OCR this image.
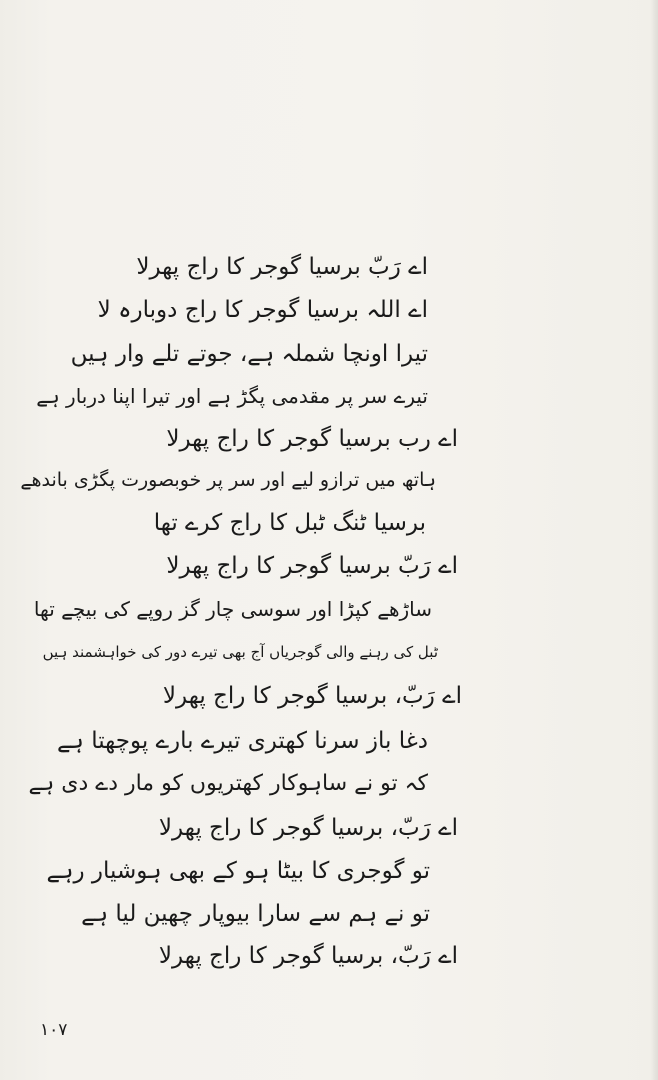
اے رَبّ برسیا گوجر کا راج پھرلا
اے اللہ برسیا گوجر کا راج دوبارہ لا
تیرا اونچا شملہ ہے، جوتے تلے وار ہیں
تیرے سر پر مقدمی پگڑ ہے اور تیرا اپنا دربار ہے
اے رب برسیا گوجر کا راج پھرلا
ہاتھ میں ترازو لیے اور سر پر خوبصورت پگڑی باندھے
برسیا ٹنگ ٹبل کا راج کرے تھا
اے رَبّ برسیا گوجر کا راج پھرلا
ساڑھے کپڑا اور سوسی چار گز روپے کی بیچے تھا
ٹبل کی رہنے والی گوجریاں آج بھی تیرے دور کی خواہشمند ہیں
اے رَبّ، برسیا گوجر کا راج پھرلا
دغا باز سرنا کھتری تیرے بارے پوچھتا ہے
کہ تو نے ساہوکار کھتریوں کو مار دے دی ہے
اے رَبّ، برسیا گوجر کا راج پھرلا
تو گوجری کا بیٹا ہو کے بھی ہوشیار رہے
تو نے ہم سے سارا بیوپار چھین لیا ہے
اے رَبّ، برسیا گوجر کا راج پھرلا
١٠٧
